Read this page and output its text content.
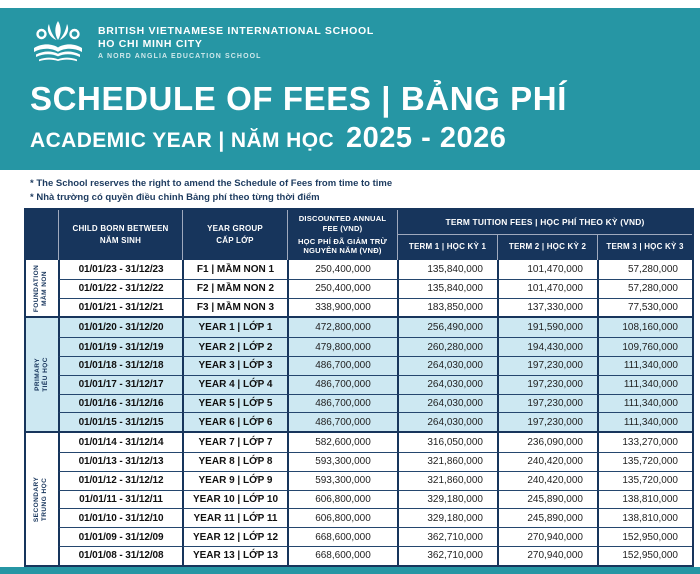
BRITISH VIETNAMESE INTERNATIONAL SCHOOL
HO CHI MINH CITY
A NORD ANGLIA EDUCATION SCHOOL
SCHEDULE OF FEES | BẢNG PHÍ
ACADEMIC YEAR | NĂM HỌC 2025 - 2026
* The School reserves the right to amend the Schedule of Fees from time to time
* Nhà trường có quyền điều chỉnh Bảng phí theo từng thời điểm
CHILD BORN BETWEEN
NĂM SINH
YEAR GROUP
CẤP LỚP
DISCOUNTED ANNUAL FEE (VND)
HỌC PHÍ ĐÃ GIẢM TRỪ NGUYÊN NĂM (VNĐ)
TERM TUITION FEES | HỌC PHÍ THEO KỲ (VND)
TERM 1 | HỌC KỲ 1	TERM 2 | HỌC KỲ 2	TERM 3 | HỌC KỲ 3
FOUNDATION MẦM NON
01/01/23 - 31/12/23	F1 | MẦM NON 1	250,400,000	135,840,000	101,470,000	57,280,000
01/01/22 - 31/12/22	F2 | MẦM NON 2	250,400,000	135,840,000	101,470,000	57,280,000
01/01/21 - 31/12/21	F3 | MẦM NON 3	338,900,000	183,850,000	137,330,000	77,530,000
PRIMARY TIỂU HỌC
01/01/20 - 31/12/20	YEAR 1 | LỚP 1	472,800,000	256,490,000	191,590,000	108,160,000
01/01/19 - 31/12/19	YEAR 2 | LỚP 2	479,800,000	260,280,000	194,430,000	109,760,000
01/01/18 - 31/12/18	YEAR 3 | LỚP 3	486,700,000	264,030,000	197,230,000	111,340,000
01/01/17 - 31/12/17	YEAR 4 | LỚP 4	486,700,000	264,030,000	197,230,000	111,340,000
01/01/16 - 31/12/16	YEAR 5 | LỚP 5	486,700,000	264,030,000	197,230,000	111,340,000
01/01/15 - 31/12/15	YEAR 6 | LỚP 6	486,700,000	264,030,000	197,230,000	111,340,000
SECONDARY TRUNG HỌC
01/01/14 - 31/12/14	YEAR 7 | LỚP 7	582,600,000	316,050,000	236,090,000	133,270,000
01/01/13 - 31/12/13	YEAR 8 | LỚP 8	593,300,000	321,860,000	240,420,000	135,720,000
01/01/12 - 31/12/12	YEAR 9 | LỚP 9	593,300,000	321,860,000	240,420,000	135,720,000
01/01/11 - 31/12/11	YEAR 10 | LỚP 10	606,800,000	329,180,000	245,890,000	138,810,000
01/01/10 - 31/12/10	YEAR 11 | LỚP 11	606,800,000	329,180,000	245,890,000	138,810,000
01/01/09 - 31/12/09	YEAR 12 | LỚP 12	668,600,000	362,710,000	270,940,000	152,950,000
01/01/08 - 31/12/08	YEAR 13 | LỚP 13	668,600,000	362,710,000	270,940,000	152,950,000
